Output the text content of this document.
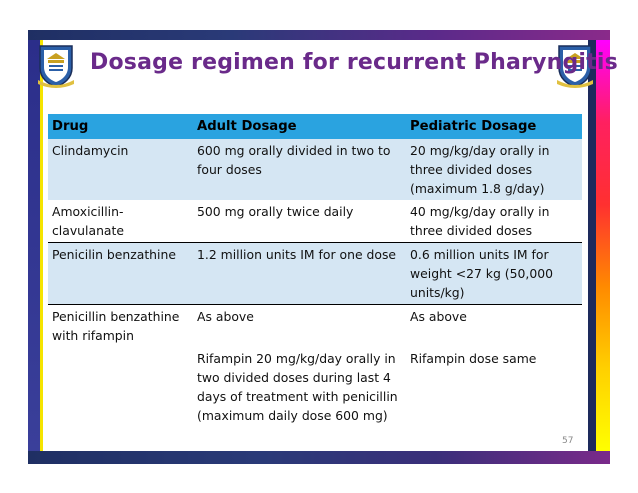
Dosage regimen for recurrent Pharyngitis
Drug	Adult Dosage	Pediatric Dosage
Clindamycin	600 mg orally divided in two to four doses	20 mg/kg/day orally in three divided doses (maximum 1.8 g/day)
Amoxicillin-clavulanate	500 mg orally twice daily	40 mg/kg/day orally in three divided doses
Penicilin benzathine	1.2 million units IM for one dose	0.6 million units IM for weight <27 kg (50,000 units/kg)
Penicillin benzathine with rifampin	As above	As above
	Rifampin 20 mg/kg/day orally in two divided doses during last 4 days of treatment with penicillin (maximum daily dose 600 mg)	Rifampin dose same
57
